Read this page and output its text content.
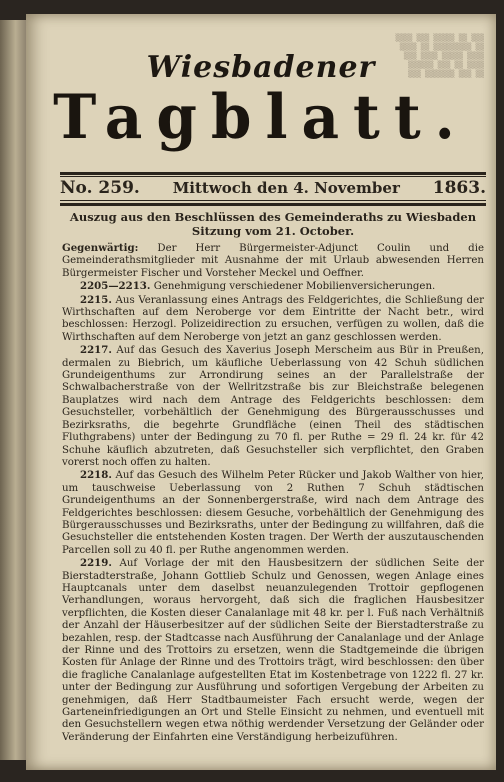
▒▒▒▒ ▒▒▒ ▒▒▒▒▒ ▒▒ ▒▒▒
▒▒▒▒ ▒▒ ▒▒▒▒▒▒▒▒▒ ▒▒
▒▒▒ ▒▒▒▒ ▒▒▒▒▒ ▒▒▒▒
▒▒▒▒▒▒ ▒▒▒ ▒▒ ▒▒▒▒
▒▒▒ ▒▒▒▒▒▒▒ ▒▒▒ ▒▒
Wiesbadener
Tagblatt.
No. 259. Mittwoch den 4. November 1863.
Auszug aus den Beschlüssen des Gemeinderaths zu Wiesbaden Sitzung vom 21. October.

Gegenwärtig: Der Herr Bürgermeister-Adjunct Coulin und die Gemeinderathsmitglieder mit Ausnahme der mit Urlaub abwesenden Herren Bürgermeister Fischer und Vorsteher Meckel und Oeffner.

2205—2213. Genehmigung verschiedener Mobilienversicherungen.

2215. Aus Veranlassung eines Antrags des Feldgerichtes, die Schließung der Wirthschaften auf dem Neroberge vor dem Eintritte der Nacht betr., wird beschlossen: Herzogl. Polizeidirection zu ersuchen, verfügen zu wollen, daß die Wirthschaften auf dem Neroberge von jetzt an ganz geschlossen werden.

2217. Auf das Gesuch des Xaverius Joseph Merscheim aus Bür in Preußen, dermalen zu Biebrich, um käufliche Ueberlassung von 42 Schuh südlichen Grundeigenthums zur Arrondirung seines an der Parallelstraße der Schwalbacherstraße von der Wellritzstraße bis zur Bleichstraße belegenen Bauplatzes wird nach dem Antrage des Feldgerichts beschlossen: dem Gesuchsteller, vorbehältlich der Genehmigung des Bürgerausschusses und Bezirksraths, die begehrte Grundfläche (einen Theil des städtischen Fluthgrabens) unter der Bedingung zu 70 fl. per Ruthe = 29 fl. 24 kr. für 42 Schuhe käuflich abzutreten, daß Gesuchsteller sich verpflichtet, den Graben vorerst noch offen zu halten.

2218. Auf das Gesuch des Wilhelm Peter Rücker und Jakob Walther von hier, um tauschweise Ueberlassung von 2 Ruthen 7 Schuh städtischen Grundeigenthums an der Sonnenbergerstraße, wird nach dem Antrage des Feldgerichtes beschlossen: diesem Gesuche, vorbehältlich der Genehmigung des Bürgerausschusses und Bezirksraths, unter der Bedingung zu willfahren, daß die Gesuchsteller die entstehenden Kosten tragen. Der Werth der auszutauschenden Parcellen soll zu 40 fl. per Ruthe angenommen werden.

2219. Auf Vorlage der mit den Hausbesitzern der südlichen Seite der Bierstadterstraße, Johann Gottlieb Schulz und Genossen, wegen Anlage eines Hauptcanals unter dem daselbst neuanzulegenden Trottoir gepflogenen Verhandlungen, woraus hervorgeht, daß sich die fraglichen Hausbesitzer verpflichten, die Kosten dieser Canalanlage mit 48 kr. per l. Fuß nach Verhältniß der Anzahl der Häuserbesitzer auf der südlichen Seite der Bierstadterstraße zu bezahlen, resp. der Stadtcasse nach Ausführung der Canalanlage und der Anlage der Rinne und des Trottoirs zu ersetzen, wenn die Stadtgemeinde die übrigen Kosten für Anlage der Rinne und des Trottoirs trägt, wird beschlossen: den über die fragliche Canalanlage aufgestellten Etat im Kostenbetrage von 1222 fl. 27 kr. unter der Bedingung zur Ausführung und sofortigen Vergebung der Arbeiten zu genehmigen, daß Herr Stadtbaumeister Fach ersucht werde, wegen der Garteneinfriedigungen an Ort und Stelle Einsicht zu nehmen, und eventuell mit den Gesuchstellern wegen etwa nöthig werdender Versetzung der Geländer oder Veränderung der Einfahrten eine Verständigung herbeizuführen.
